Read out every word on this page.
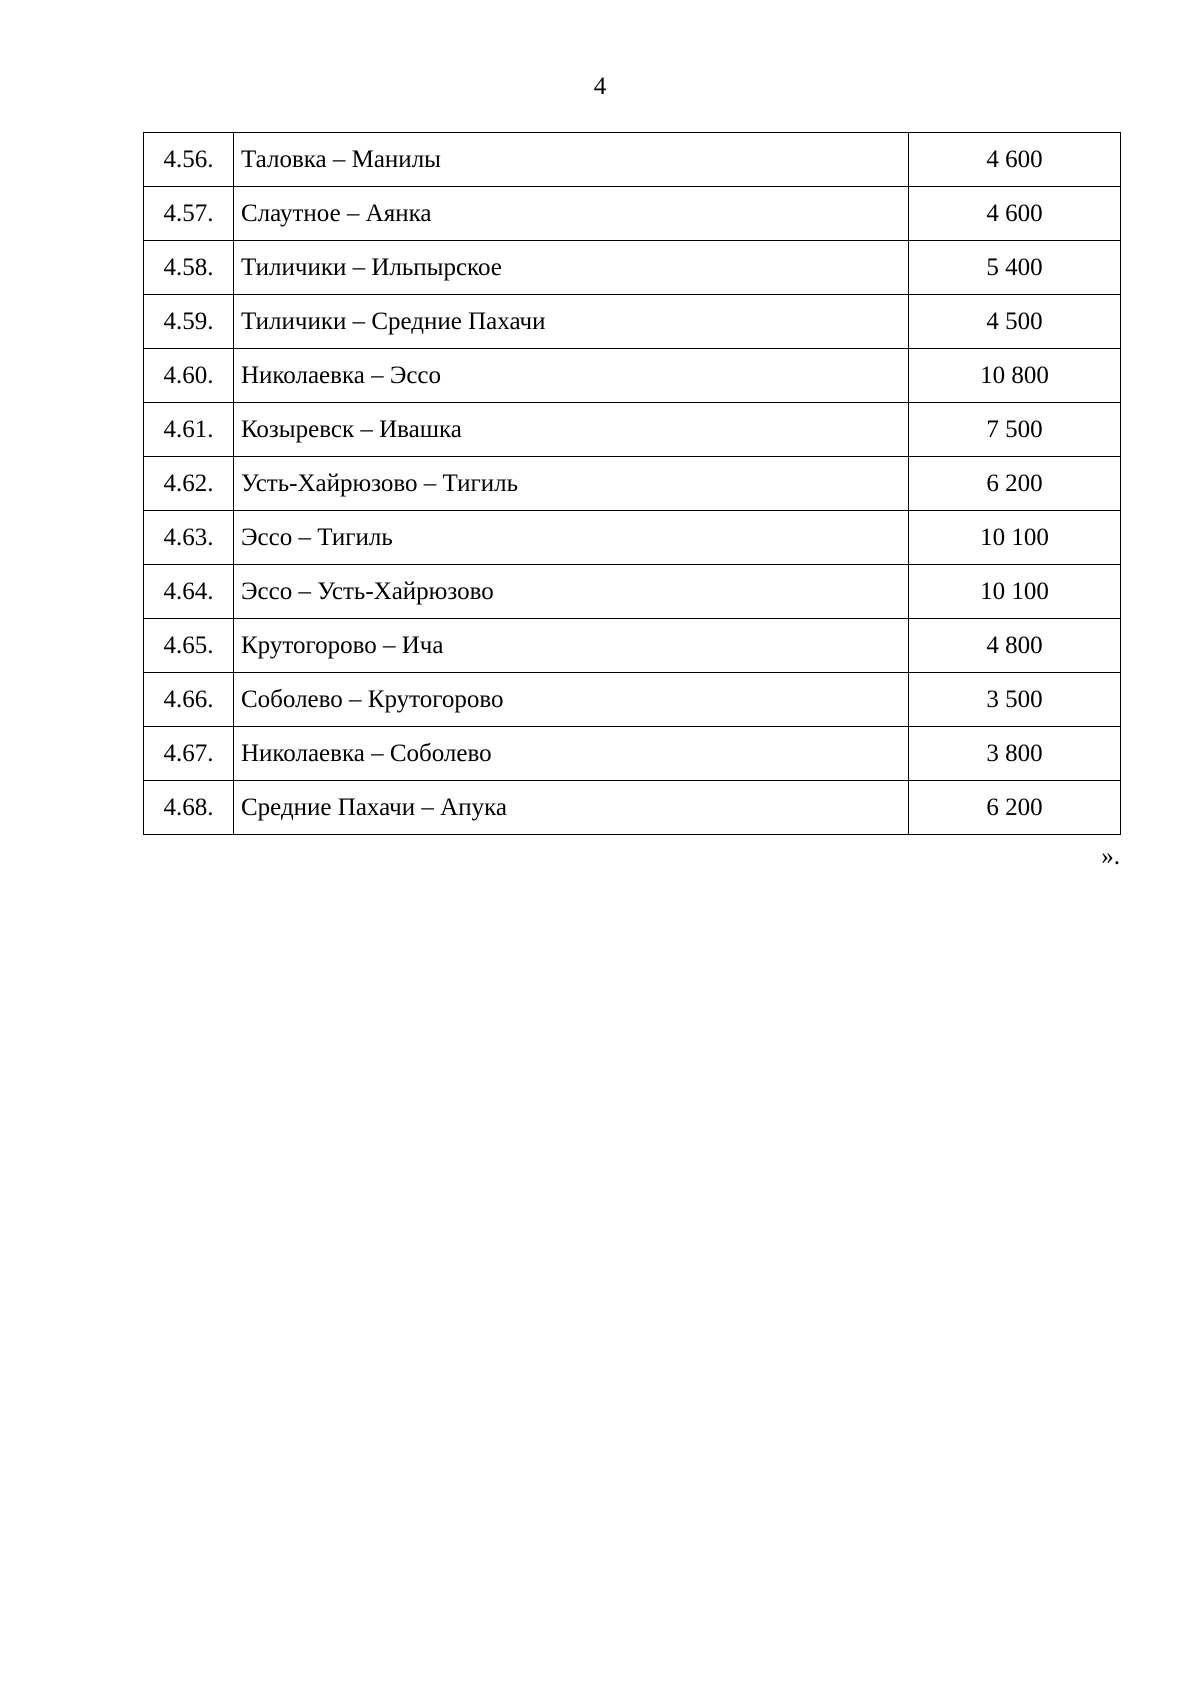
4
4.56.	Таловка – Манилы	4 600
4.57.	Слаутное – Аянка	4 600
4.58.	Тиличики – Ильпырское	5 400
4.59.	Тиличики – Средние Пахачи	4 500
4.60.	Николаевка – Эссо	10 800
4.61.	Козыревск – Ивашка	7 500
4.62.	Усть-Хайрюзово – Тигиль	6 200
4.63.	Эссо – Тигиль	10 100
4.64.	Эссо – Усть-Хайрюзово	10 100
4.65.	Крутогорово – Ича	4 800
4.66.	Соболево – Крутогорово	3 500
4.67.	Николаевка – Соболево	3 800
4.68.	Средние Пахачи – Апука	6 200
».
